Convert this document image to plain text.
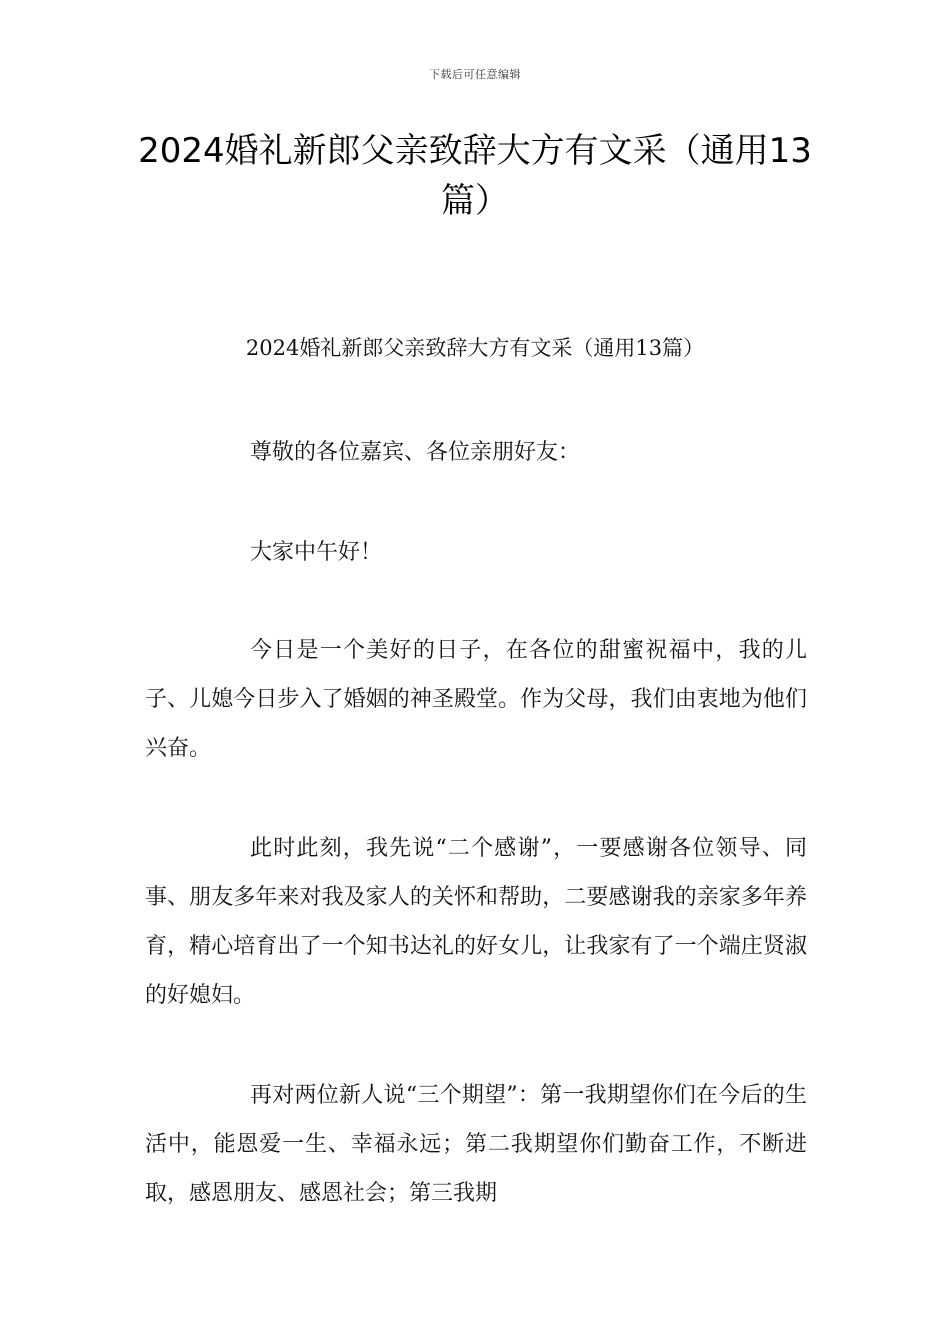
下载后可任意编辑
2024婚礼新郎父亲致辞大方有文采（通用13篇）
2024婚礼新郎父亲致辞大方有文采（通用13篇）
尊敬的各位嘉宾、各位亲朋好友：
大家中午好！
今日是一个美好的日子，在各位的甜蜜祝福中，我的儿子、儿媳今日步入了婚姻的神圣殿堂。作为父母，我们由衷地为他们兴奋。
此时此刻，我先说“二个感谢”，一要感谢各位领导、同事、朋友多年来对我及家人的关怀和帮助，二要感谢我的亲家多年养育，精心培育出了一个知书达礼的好女儿，让我家有了一个端庄贤淑的好媳妇。
再对两位新人说“三个期望”：第一我期望你们在今后的生活中，能恩爱一生、幸福永远；第二我期望你们勤奋工作，不断进取，感恩朋友、感恩社会；第三我期
